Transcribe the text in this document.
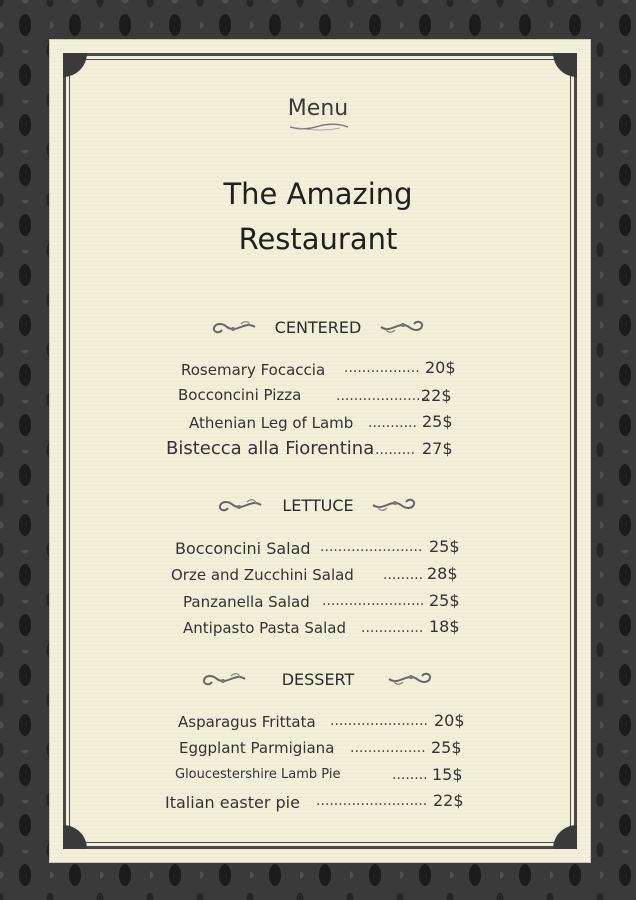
Menu
The Amazing
Restaurant
CENTERED
Rosemary Focaccia ................. 20$
Bocconcini Pizza .....................
22$
Athenian Leg of Lamb ........... 25$
Bistecca alla Fiorentina ......... 27$
LETTUCE
Bocconcini Salad ....................... 25$
Orze and Zucchini Salad ......... 28$
Panzanella Salad ....................... 25$
Antipasto Pasta Salad .............. 18$
DESSERT
Asparagus Frittata ...................... 20$
Eggplant Parmigiana ................. 25$
Gloucestershire Lamb Pie	........ 15$
Italian easter pie ......................... 22$
